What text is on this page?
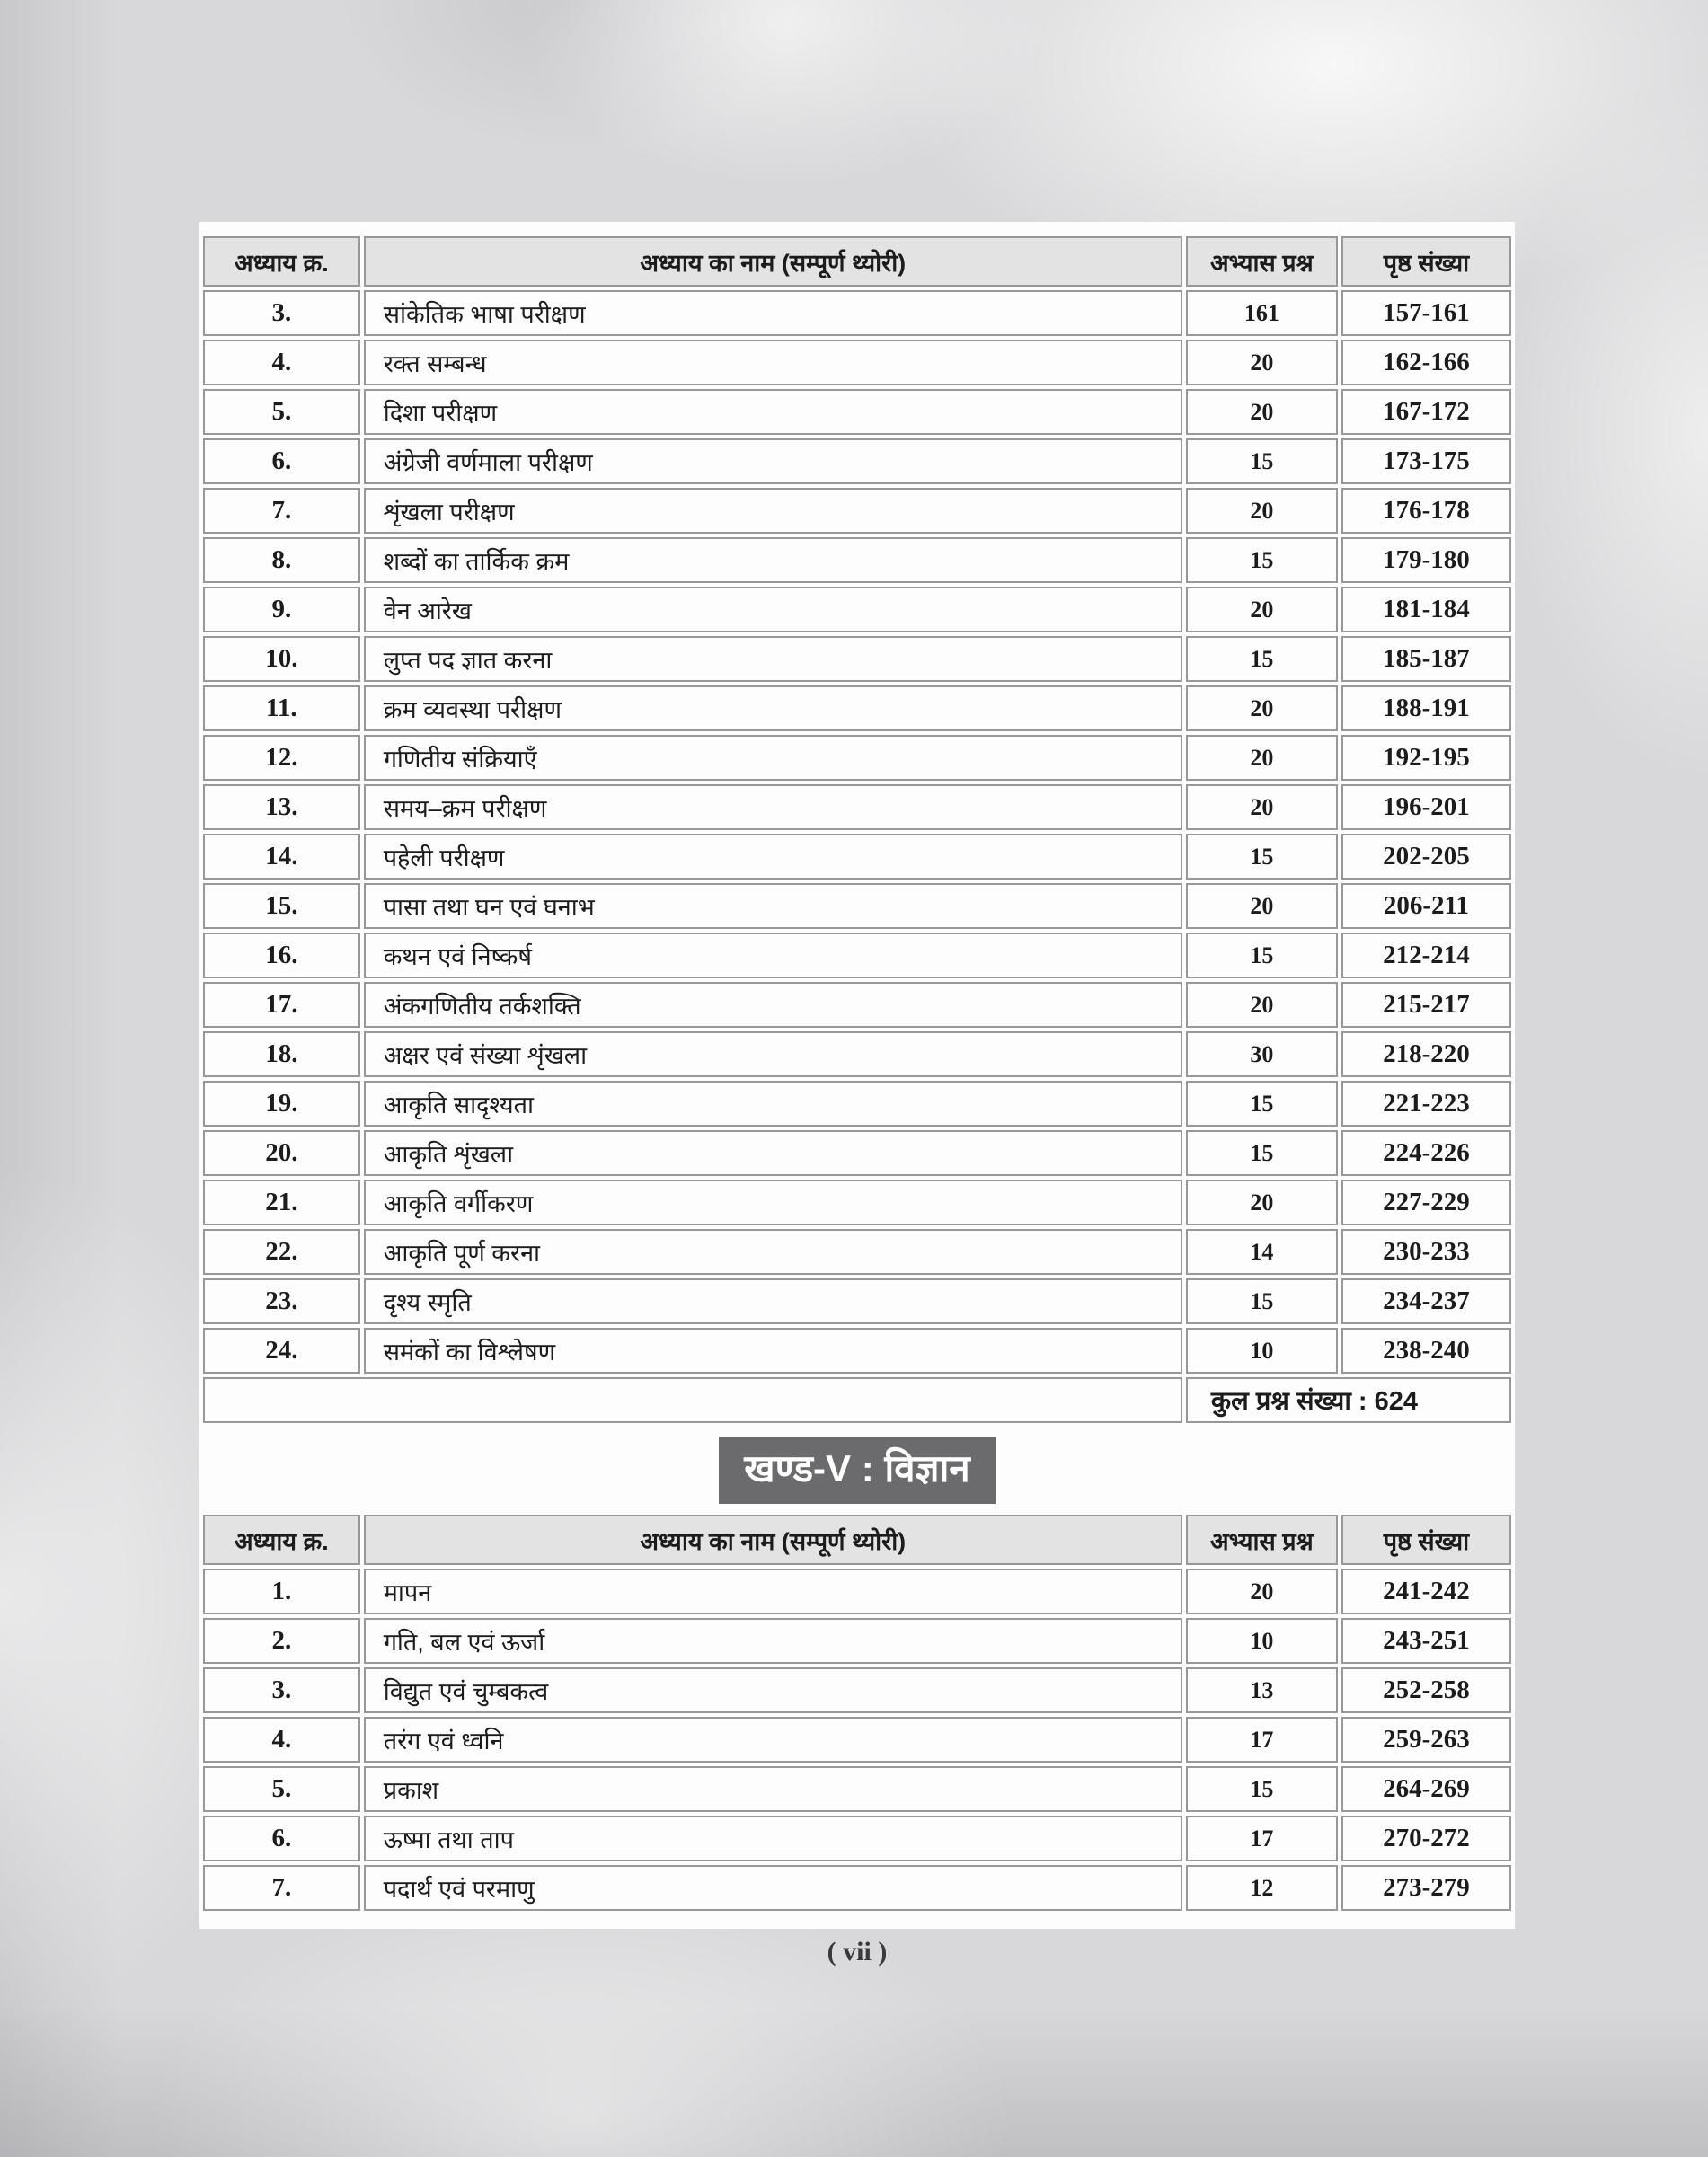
अध्याय क्र.	अध्याय का नाम (सम्पूर्ण थ्योरी)	अभ्यास प्रश्न	पृष्ठ संख्या
3.	सांकेतिक भाषा परीक्षण	161	157-161
4.	रक्त सम्बन्ध	20	162-166
5.	दिशा परीक्षण	20	167-172
6.	अंग्रेजी वर्णमाला परीक्षण	15	173-175
7.	शृंखला परीक्षण	20	176-178
8.	शब्दों का तार्किक क्रम	15	179-180
9.	वेन आरेख	20	181-184
10.	लुप्त पद ज्ञात करना	15	185-187
11.	क्रम व्यवस्था परीक्षण	20	188-191
12.	गणितीय संक्रियाएँ	20	192-195
13.	समय–क्रम परीक्षण	20	196-201
14.	पहेली परीक्षण	15	202-205
15.	पासा तथा घन एवं घनाभ	20	206-211
16.	कथन एवं निष्कर्ष	15	212-214
17.	अंकगणितीय तर्कशक्ति	20	215-217
18.	अक्षर एवं संख्या शृंखला	30	218-220
19.	आकृति सादृश्यता	15	221-223
20.	आकृति शृंखला	15	224-226
21.	आकृति वर्गीकरण	20	227-229
22.	आकृति पूर्ण करना	14	230-233
23.	दृश्य स्मृति	15	234-237
24.	समंकों का विश्लेषण	10	238-240
		कुल प्रश्न संख्या : 624	
खण्ड-V : विज्ञान
अध्याय क्र.	अध्याय का नाम (सम्पूर्ण थ्योरी)	अभ्यास प्रश्न	पृष्ठ संख्या
1.	मापन	20	241-242
2.	गति, बल एवं ऊर्जा	10	243-251
3.	विद्युत एवं चुम्बकत्व	13	252-258
4.	तरंग एवं ध्वनि	17	259-263
5.	प्रकाश	15	264-269
6.	ऊष्मा तथा ताप	17	270-272
7.	पदार्थ एवं परमाणु	12	273-279
( vii )
